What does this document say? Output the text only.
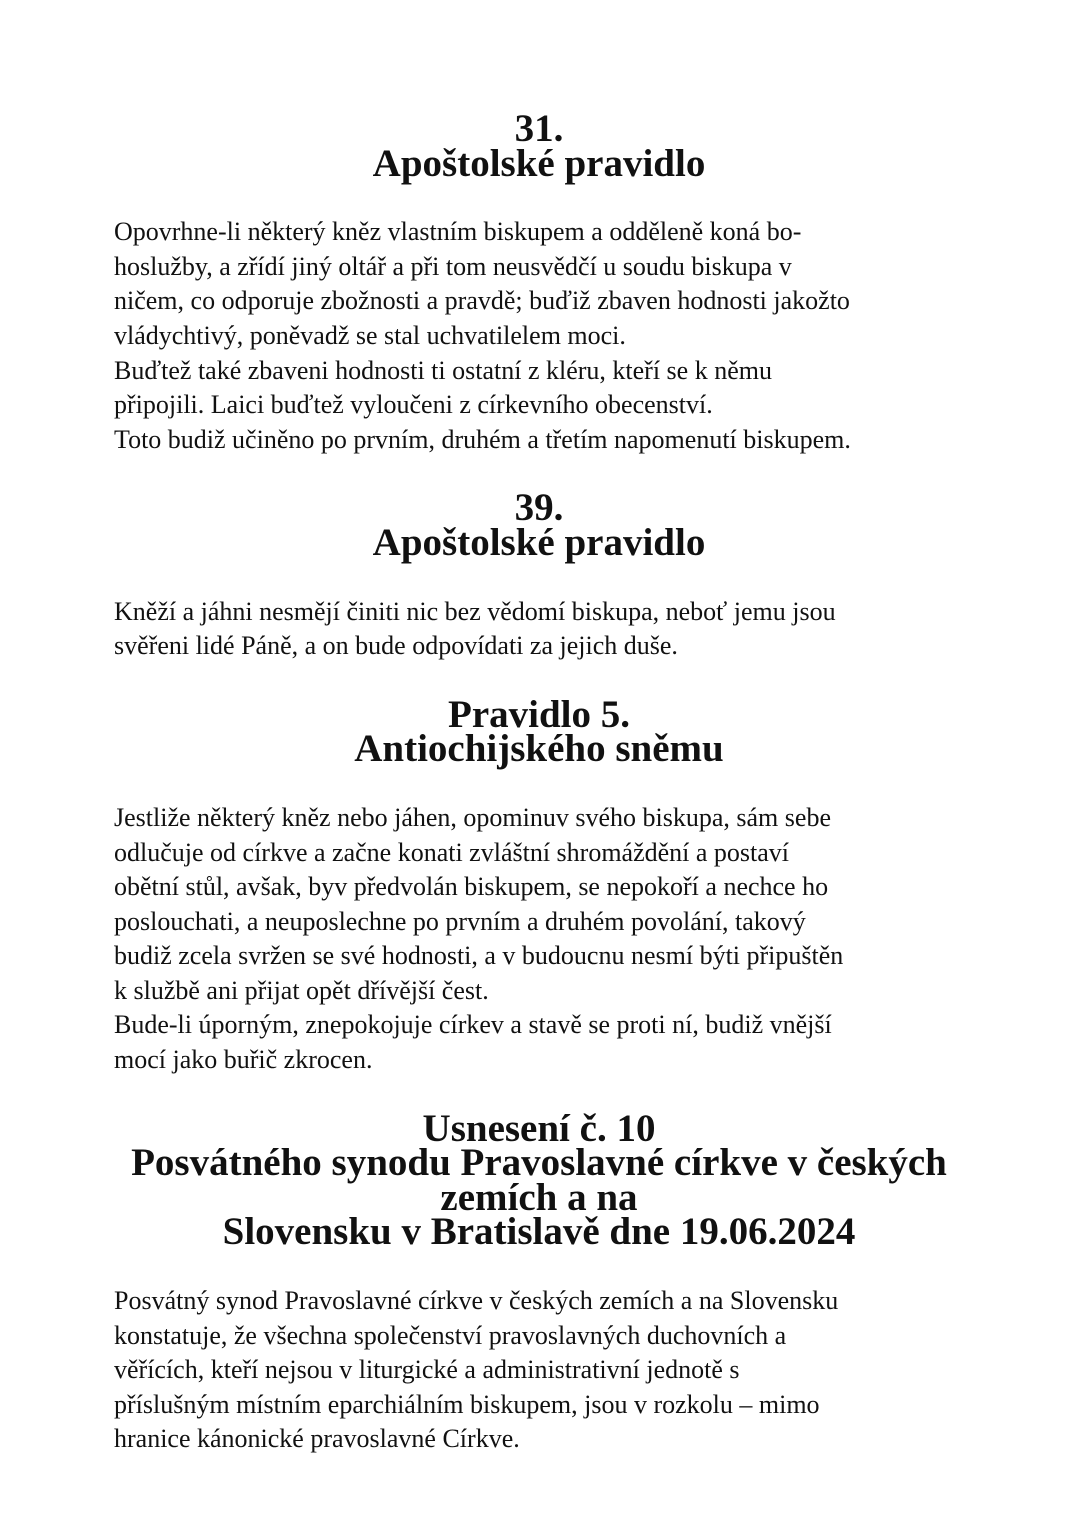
31.
Apoštolské pravidlo

Opovrhne-li některý kněz vlastním biskupem a odděleně koná bo-
hoslužby, a zřídí jiný oltář a při tom neusvědčí u soudu biskupa v
ničem, co odporuje zbožnosti a pravdě; buďiž zbaven hodnosti jakožto
vládychtivý, poněvadž se stal uchvatilelem moci.
Buďtež také zbaveni hodnosti ti ostatní z kléru, kteří se k němu
připojili. Laici buďtež vyloučeni z církevního obecenství.
Toto budiž učiněno po prvním, druhém a třetím napomenutí biskupem.

39.
Apoštolské pravidlo

Kněží a jáhni nesmějí činiti nic bez vědomí biskupa, neboť jemu jsou
svěřeni lidé Páně, a on bude odpovídati za jejich duše.

Pravidlo 5.
Antiochijského sněmu

Jestliže některý kněz nebo jáhen, opominuv svého biskupa, sám sebe
odlučuje od církve a začne konati zvláštní shromáždění a postaví
obětní stůl, avšak, byv předvolán biskupem, se nepokoří a nechce ho
poslouchati, a neuposlechne po prvním a druhém povolání, takový
budiž zcela svržen se své hodnosti, a v budoucnu nesmí býti připuštěn
k službě ani přijat opět dřívější čest.
Bude-li úporným, znepokojuje církev a stavě se proti ní, budiž vnější
mocí jako buřič zkrocen.

Usnesení č. 10
Posvátného synodu Pravoslavné církve v českých zemích a na
Slovensku v Bratislavě dne 19.06.2024

Posvátný synod Pravoslavné církve v českých zemích a na Slovensku
konstatuje, že všechna společenství pravoslavných duchovních a
věřících, kteří nejsou v liturgické a administrativní jednotě s
příslušným místním eparchiálním biskupem, jsou v rozkolu – mimo
hranice kánonické pravoslavné Církve.
